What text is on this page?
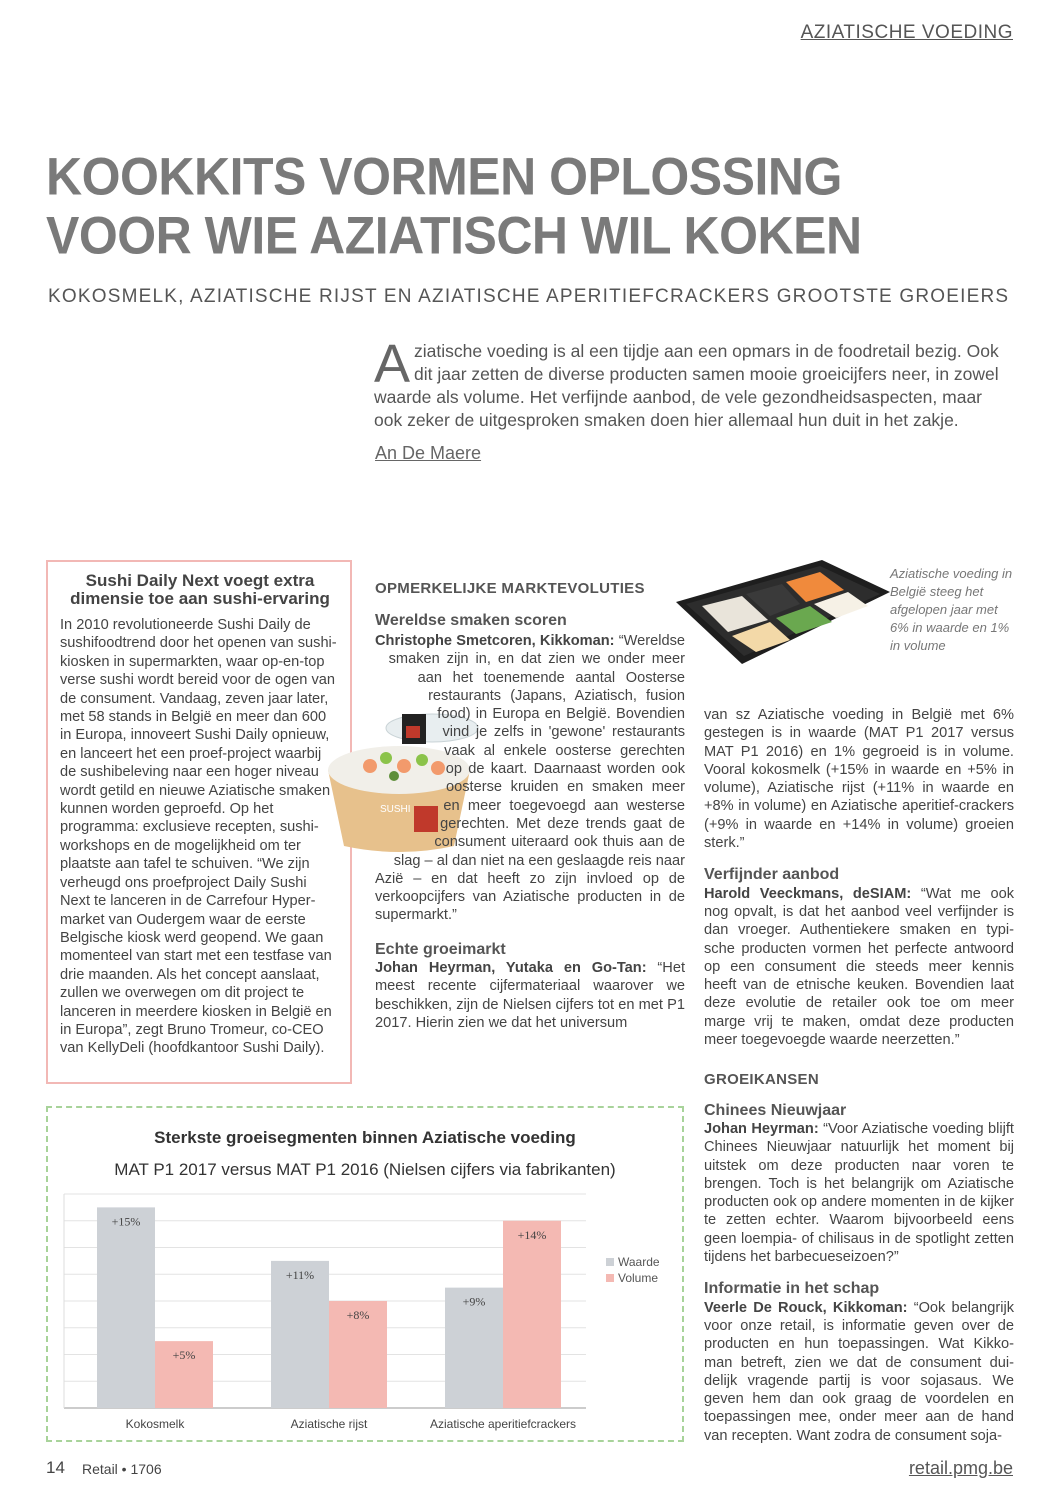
AZIATISCHE VOEDING
KOOKKITS VORMEN OPLOSSING
VOOR WIE AZIATISCH WIL KOKEN
KOKOSMELK, AZIATISCHE RIJST EN AZIATISCHE APERITIEFCRACKERS GROOTSTE GROEIERS
A ziatische voeding is al een tijdje aan een opmars in de foodretail bezig. Ook dit jaar zetten de diverse producten samen mooie groeicijfers neer, in zowel waarde als volume. Het verfijnde aanbod, de vele gezondheidsaspecten, maar ook zeker de uitgesproken smaken doen hier allemaal hun duit in het zakje.
An De Maere
Sushi Daily Next voegt extra dimensie toe aan sushi-ervaring

In 2010 revolutioneerde Sushi Daily de sushifoodtrend door het openen van sushi-kiosken in supermarkten, waar op-en-top verse sushi wordt bereid voor de ogen van de consument. Vandaag, zeven jaar later, met 58 stands in België en meer dan 600 in Europa, innoveert Sushi Daily opnieuw, en lanceert het een proef-project waarbij de sushibeleving naar een hoger niveau wordt getild en nieuwe Aziatische smaken kunnen worden geproefd. Op het programma: exclusieve recepten, sushi-workshops en de mogelijkheid om ter plaatste aan tafel te schuiven. “We zijn verheugd ons proefproject Daily Sushi Next te lanceren in de Carrefour Hyper-market van Oudergem waar de eerste Belgische kiosk werd geopend. We gaan momenteel van start met een testfase van drie maanden. Als het concept aanslaat, zullen we overwegen om dit project te lanceren in meerdere kiosken in België en in Europa”, zegt Bruno Tromeur, co-CEO van KellyDeli (hoofdkantoor Sushi Daily).

Aziatische voeding in België steeg het afgelopen jaar met 6% in waarde en 1% in volume
SUSHI
OPMERKELIJKE MARKTEVOLUTIES
Wereldse smaken scoren

Christophe Smetcoren, Kikkoman: “Wereldse smaken zijn in, en dat zien we onder meer aan het toenemende aantal Oosterse restaurants (Japans, Aziatisch, fusion food) in Europa en België. Bovendien vind je zelfs in 'gewone' restaurants vaak al enkele oosterse gerechten op de kaart. Daarnaast worden ook oosterse kruiden en smaken meer en meer toegevoegd aan westerse gerechten. Met deze trends gaat de consument uiteraard ook thuis aan de slag – al dan niet na een geslaagde reis naar Azië – en dat heeft zo zijn invloed op de verkoopcijfers van Aziatische producten in de supermarkt.”

Echte groeimarkt

Johan Heyrman, Yutaka en Go-Tan: “Het meest recente cijfermateriaal waarover we beschikken, zijn de Nielsen cijfers tot en met P1 2017. Hierin zien we dat het universum

van sz Aziatische voeding in België met 6% gestegen is in waarde (MAT P1 2017 versus MAT P1 2016) en 1% gegroeid is in volume. Vooral kokosmelk (+15% in waarde en +5% in volume), Aziatische rijst (+11% in waarde en +8% in volume) en Aziatische aperitief-crackers (+9% in waarde en +14% in volume) groeien sterk.”

Verfijnder aanbod

Harold Veeckmans, deSIAM: “Wat me ook nog opvalt, is dat het aanbod veel verfijnder is dan vroeger. Authentiekere smaken en typi-sche producten vormen het perfecte antwoord op een consument die steeds meer kennis heeft van de etnische keuken. Bovendien laat deze evolutie de retailer ook toe om meer marge vrij te maken, omdat deze producten meer toegevoegde waarde neerzetten.”

GROEIKANSEN
Chinees Nieuwjaar

Johan Heyrman: “Voor Aziatische voeding blijft Chinees Nieuwjaar natuurlijk het moment bij uitstek om deze producten naar voren te brengen. Toch is het belangrijk om Aziatische producten ook op andere momenten in de kijker te zetten echter. Waarom bijvoorbeeld eens geen loempia- of chilisaus in de spotlight zetten tijdens het barbecueseizoen?”

Informatie in het schap

Veerle De Rouck, Kikkoman: “Ook belangrijk voor onze retail, is informatie geven over de producten en hun toepassingen. Wat Kikko-man betreft, zien we dat de consument dui-delijk vragende partij is voor sojasaus. We geven hem dan ook graag de voordelen en toepassingen mee, onder meer aan de hand van recepten. Want zodra de consument soja-

Sterkste groeisegmenten binnen Aziatische voeding
MAT P1 2017 versus MAT P1 2016 (Nielsen cijfers via fabrikanten)
+15%
+5%
Kokosmelk
+11%
+8%
Aziatische rijst
+9%
+14%
Aziatische aperitiefcrackers
Waarde
Volume
14 Retail • 1706	retail.pmg.be
